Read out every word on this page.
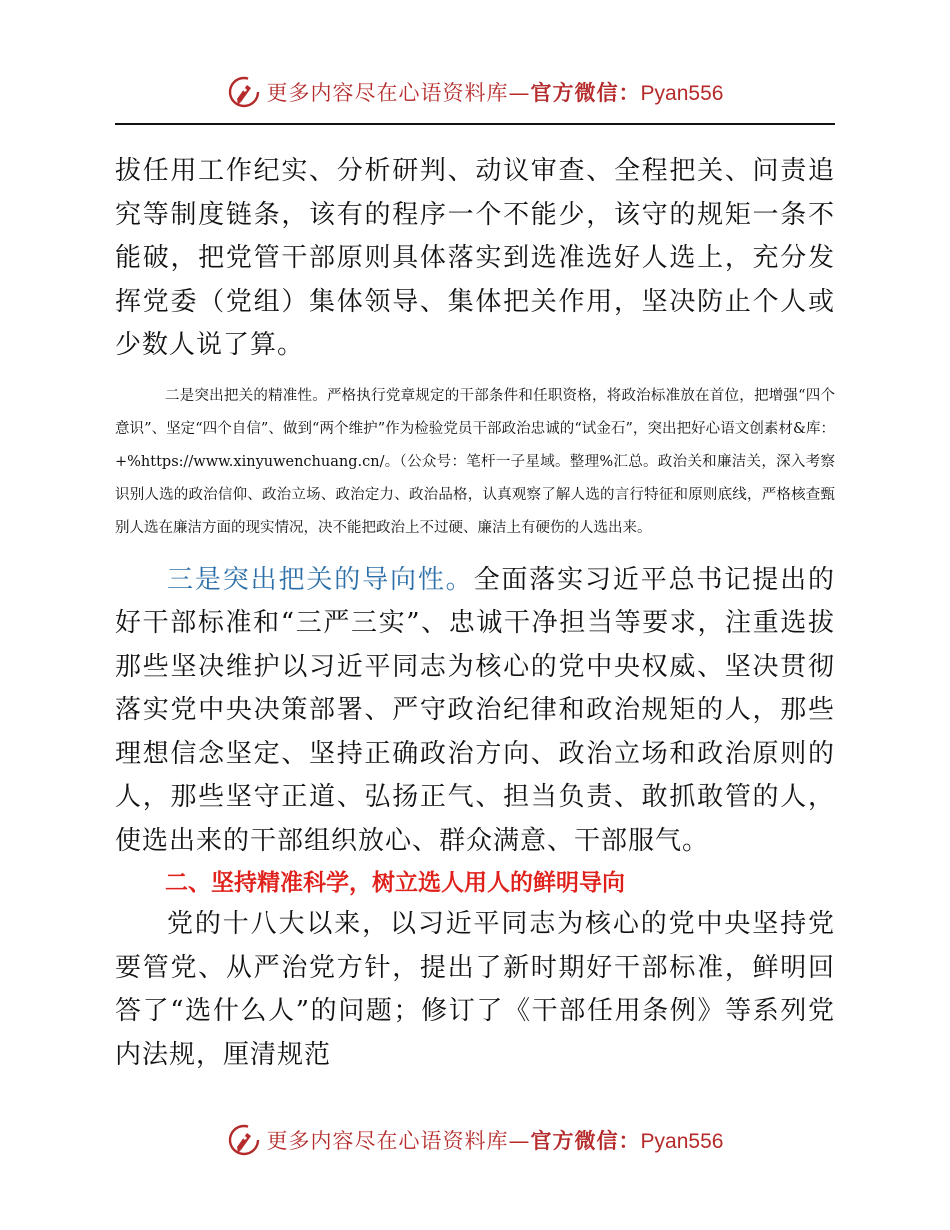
更多内容尽在心语资料库—官方微信：Pyan556

拔任用工作纪实、分析研判、动议审查、全程把关、问责追究等制度链条，该有的程序一个不能少，该守的规矩一条不能破，把党管干部原则具体落实到选准选好人选上，充分发挥党委（党组）集体领导、集体把关作用，坚决防止个人或少数人说了算。

二是突出把关的精准性。严格执行党章规定的干部条件和任职资格，将政治标准放在首位，把增强“四个意识”、坚定“四个自信”、做到“两个维护”作为检验党员干部政治忠诚的“试金石”，突出把好心语文创素材&库：+%https://www.xinyuwenchuang.cn/。（公众号：笔杆一子星域。整理%汇总。政治关和廉洁关，深入考察识别人选的政治信仰、政治立场、政治定力、政治品格，认真观察了解人选的言行特征和原则底线，严格核查甄别人选在廉洁方面的现实情况，决不能把政治上不过硬、廉洁上有硬伤的人选出来。

三是突出把关的导向性。全面落实习近平总书记提出的好干部标准和“三严三实”、忠诚干净担当等要求，注重选拔那些坚决维护以习近平同志为核心的党中央权威、坚决贯彻落实党中央决策部署、严守政治纪律和政治规矩的人，那些理想信念坚定、坚持正确政治方向、政治立场和政治原则的人，那些坚守正道、弘扬正气、担当负责、敢抓敢管的人，使选出来的干部组织放心、群众满意、干部服气。

二、坚持精准科学，树立选人用人的鲜明导向

党的十八大以来，以习近平同志为核心的党中央坚持党要管党、从严治党方针，提出了新时期好干部标准，鲜明回答了“选什么人”的问题；修订了《干部任用条例》等系列党内法规，厘清规范

更多内容尽在心语资料库—官方微信：Pyan556
